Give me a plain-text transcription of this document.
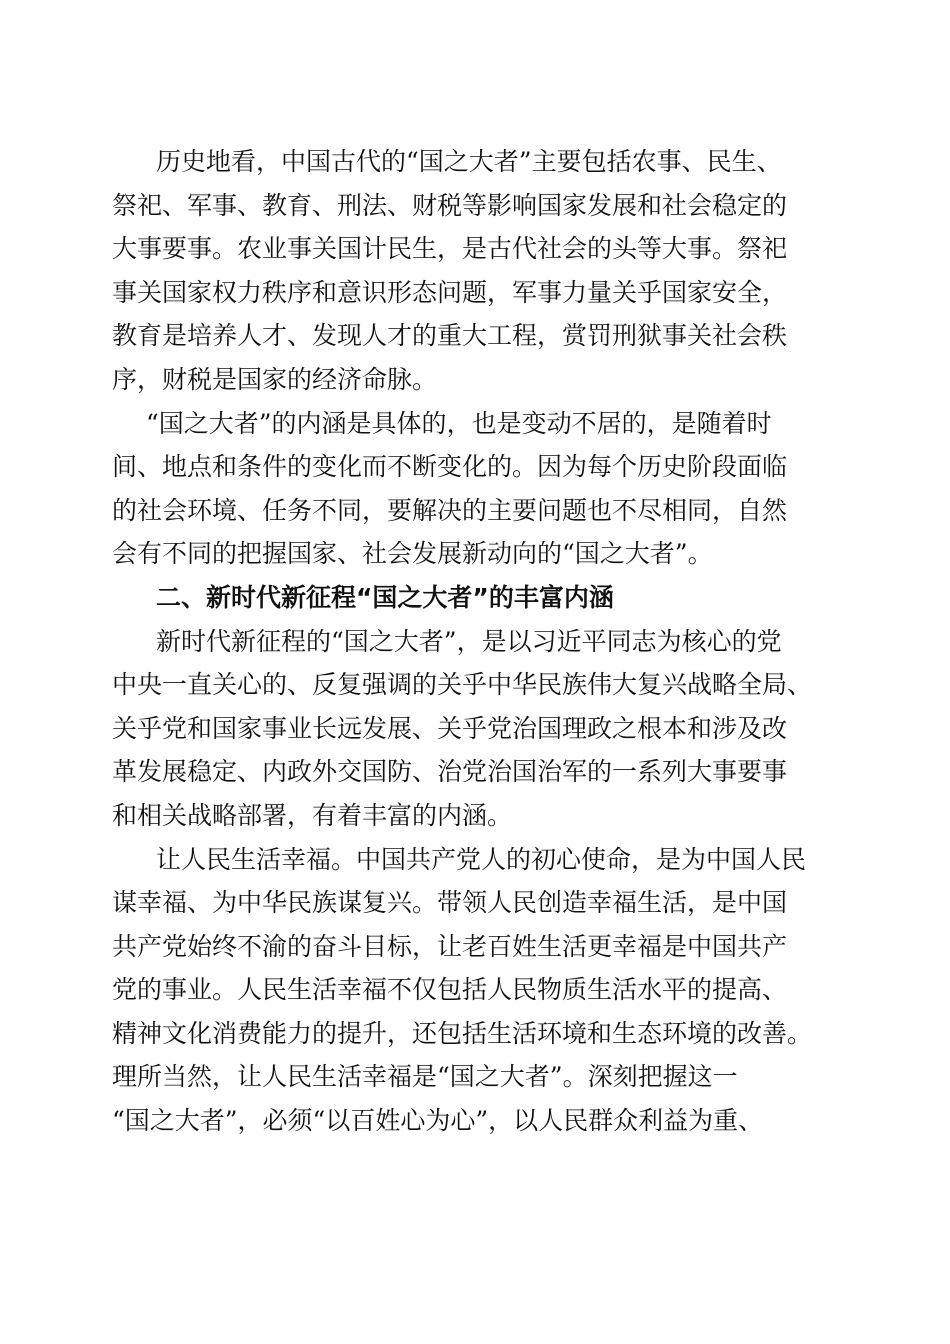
历史地看，中国古代的“国之大者”主要包括农事、民生、
祭祀、军事、教育、刑法、财税等影响国家发展和社会稳定的
大事要事。农业事关国计民生，是古代社会的头等大事。祭祀
事关国家权力秩序和意识形态问题，军事力量关乎国家安全，
教育是培养人才、发现人才的重大工程，赏罚刑狱事关社会秩
序，财税是国家的经济命脉。
“国之大者”的内涵是具体的，也是变动不居的，是随着时
间、地点和条件的变化而不断变化的。因为每个历史阶段面临
的社会环境、任务不同，要解决的主要问题也不尽相同，自然
会有不同的把握国家、社会发展新动向的“国之大者”。
二、新时代新征程“国之大者”的丰富内涵
新时代新征程的“国之大者”，是以习近平同志为核心的党
中央一直关心的、反复强调的关乎中华民族伟大复兴战略全局、
关乎党和国家事业长远发展、关乎党治国理政之根本和涉及改
革发展稳定、内政外交国防、治党治国治军的一系列大事要事
和相关战略部署，有着丰富的内涵。
让人民生活幸福。中国共产党人的初心使命，是为中国人民
谋幸福、为中华民族谋复兴。带领人民创造幸福生活，是中国
共产党始终不渝的奋斗目标，让老百姓生活更幸福是中国共产
党的事业。人民生活幸福不仅包括人民物质生活水平的提高、
精神文化消费能力的提升，还包括生活环境和生态环境的改善。
理所当然，让人民生活幸福是“国之大者”。深刻把握这一
“国之大者”，必须“以百姓心为心”，以人民群众利益为重、
